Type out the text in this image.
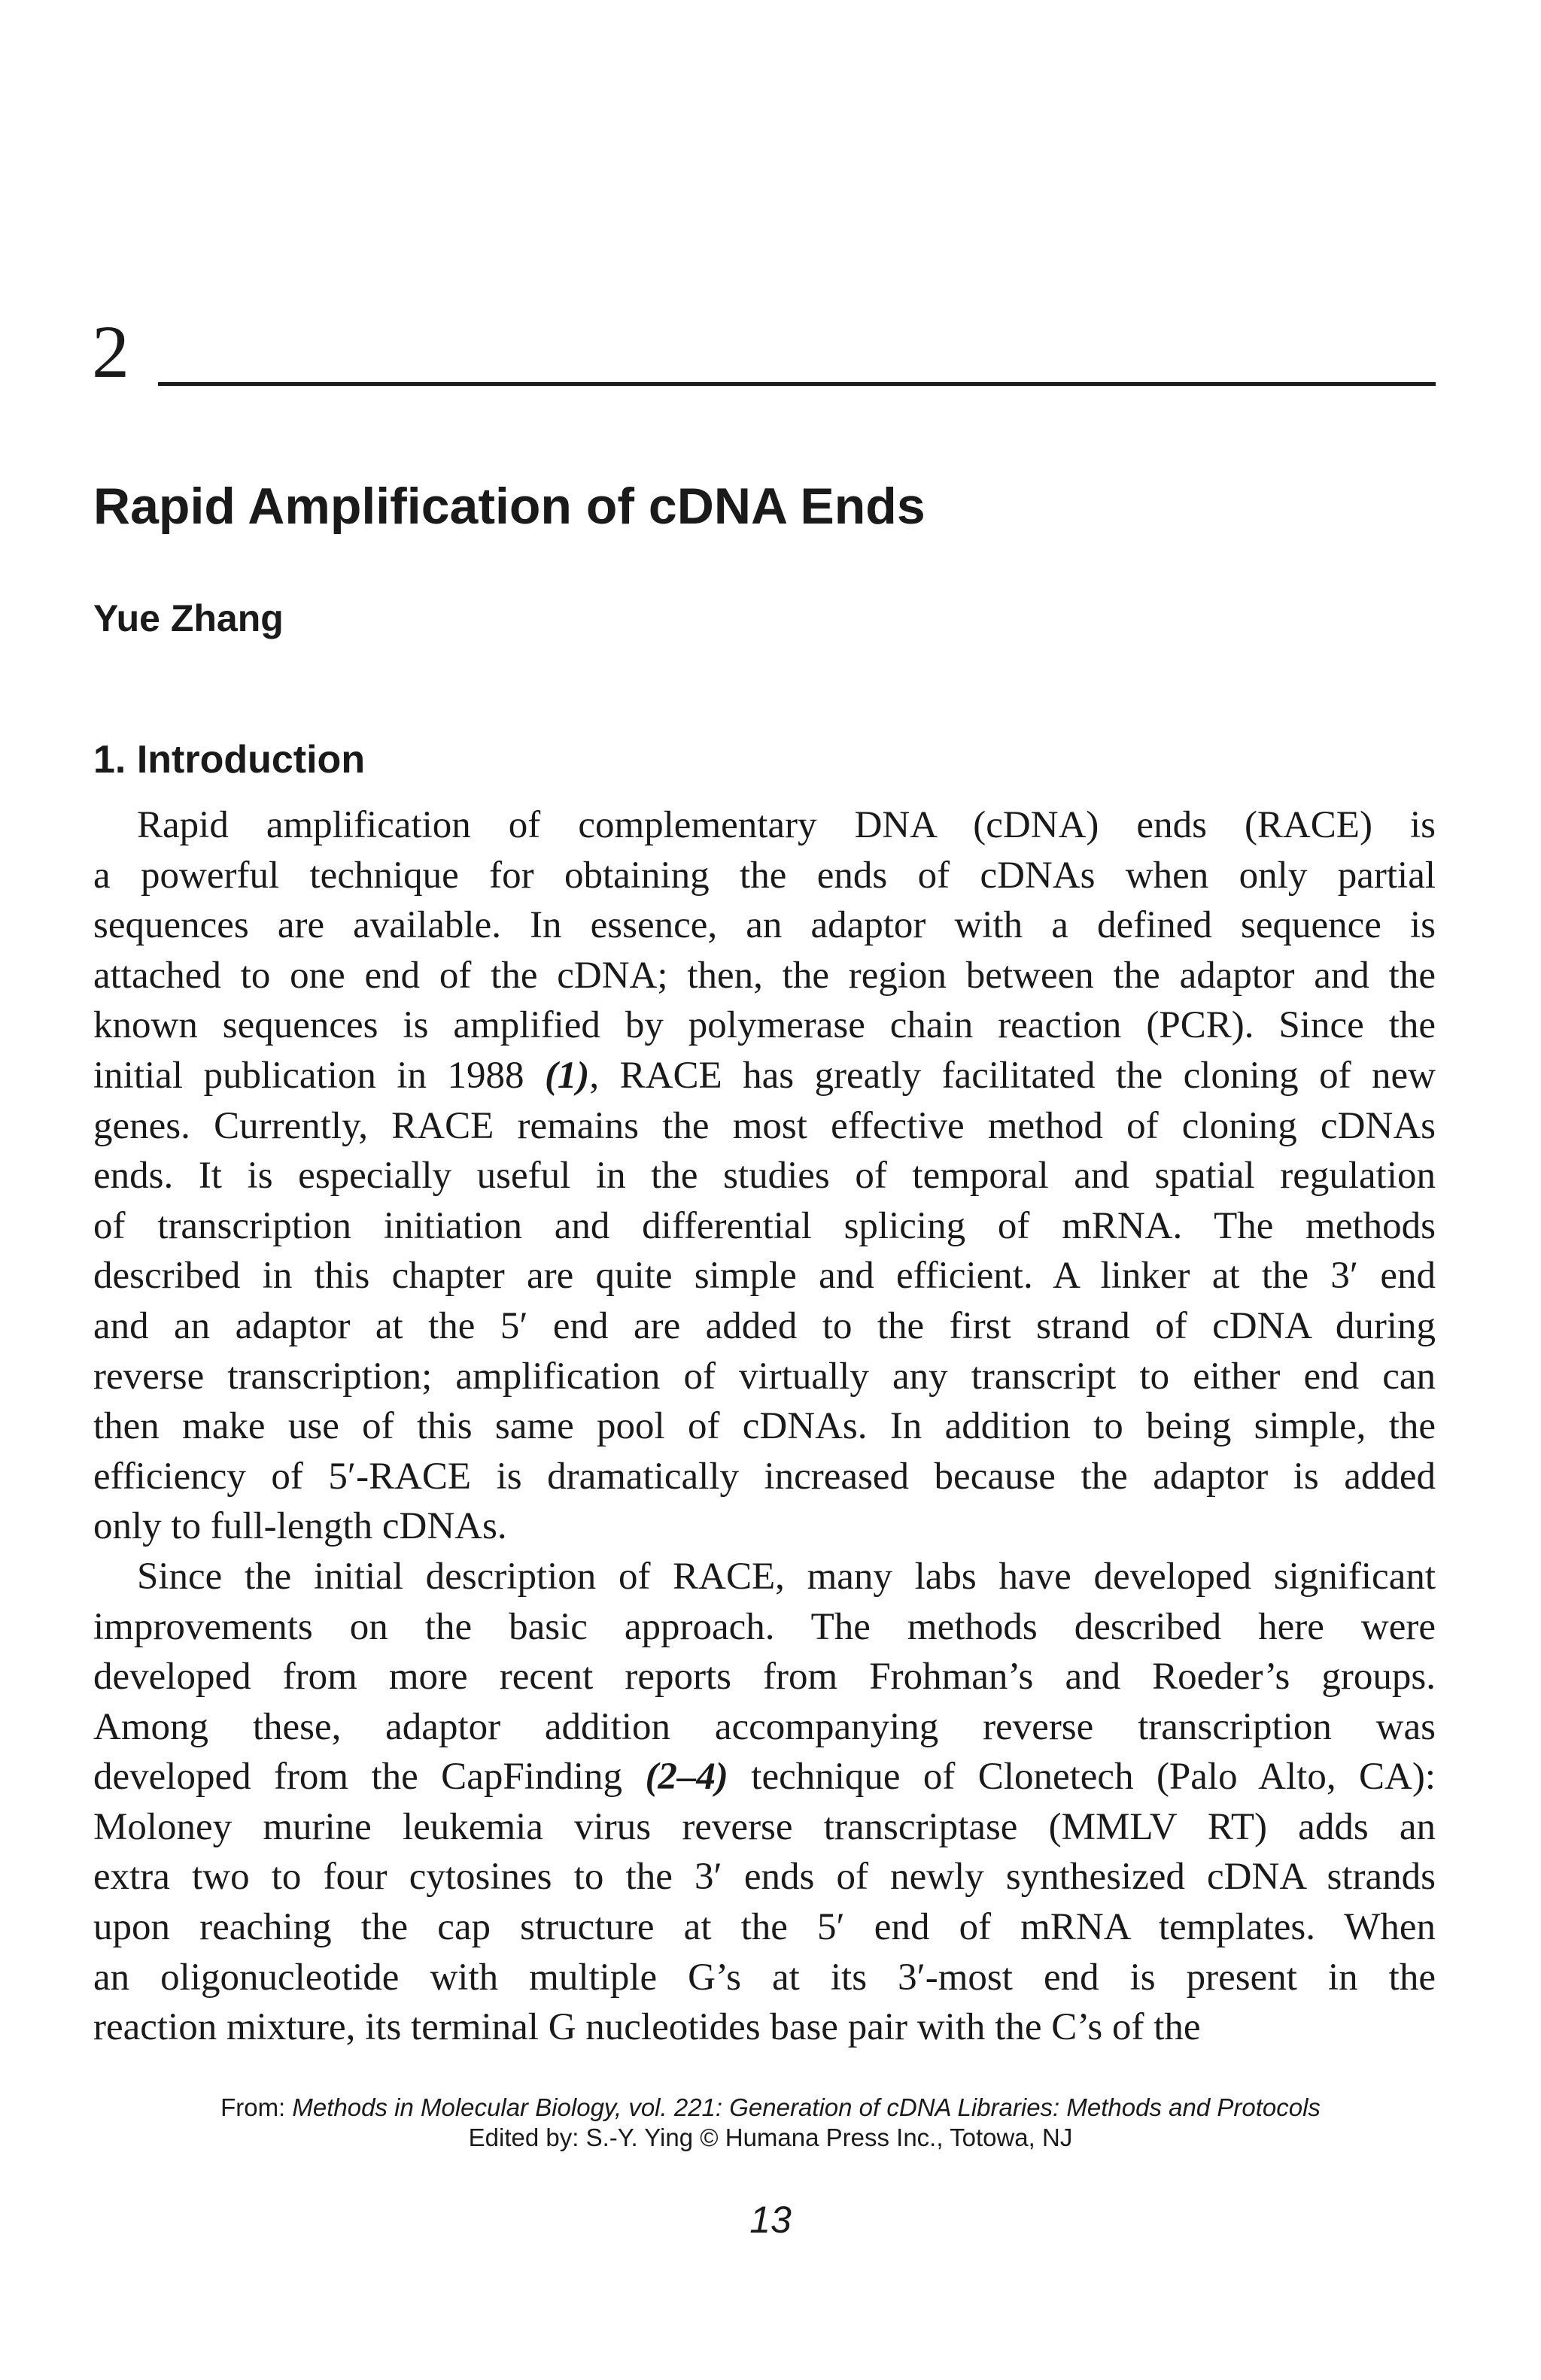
2
Rapid Amplification of cDNA Ends
Yue Zhang
1. Introduction
Rapid amplification of complementary DNA (cDNA) ends (RACE) is
a powerful technique for obtaining the ends of cDNAs when only partial
sequences are available. In essence, an adaptor with a defined sequence is
attached to one end of the cDNA; then, the region between the adaptor and the
known sequences is amplified by polymerase chain reaction (PCR). Since the
initial publication in 1988 (1), RACE has greatly facilitated the cloning of new
genes. Currently, RACE remains the most effective method of cloning cDNAs
ends. It is especially useful in the studies of temporal and spatial regulation
of transcription initiation and differential splicing of mRNA. The methods
described in this chapter are quite simple and efficient. A linker at the 3′ end
and an adaptor at the 5′ end are added to the first strand of cDNA during
reverse transcription; amplification of virtually any transcript to either end can
then make use of this same pool of cDNAs. In addition to being simple, the
efficiency of 5′-RACE is dramatically increased because the adaptor is added
only to full-length cDNAs.
Since the initial description of RACE, many labs have developed significant
improvements on the basic approach. The methods described here were
developed from more recent reports from Frohman’s and Roeder’s groups.
Among these, adaptor addition accompanying reverse transcription was
developed from the CapFinding (2–4) technique of Clonetech (Palo Alto, CA):
Moloney murine leukemia virus reverse transcriptase (MMLV RT) adds an
extra two to four cytosines to the 3′ ends of newly synthesized cDNA strands
upon reaching the cap structure at the 5′ end of mRNA templates. When
an oligonucleotide with multiple G’s at its 3′-most end is present in the
reaction mixture, its terminal G nucleotides base pair with the C’s of the
From: Methods in Molecular Biology, vol. 221: Generation of cDNA Libraries: Methods and Protocols
Edited by: S.-Y. Ying © Humana Press Inc., Totowa, NJ
13
